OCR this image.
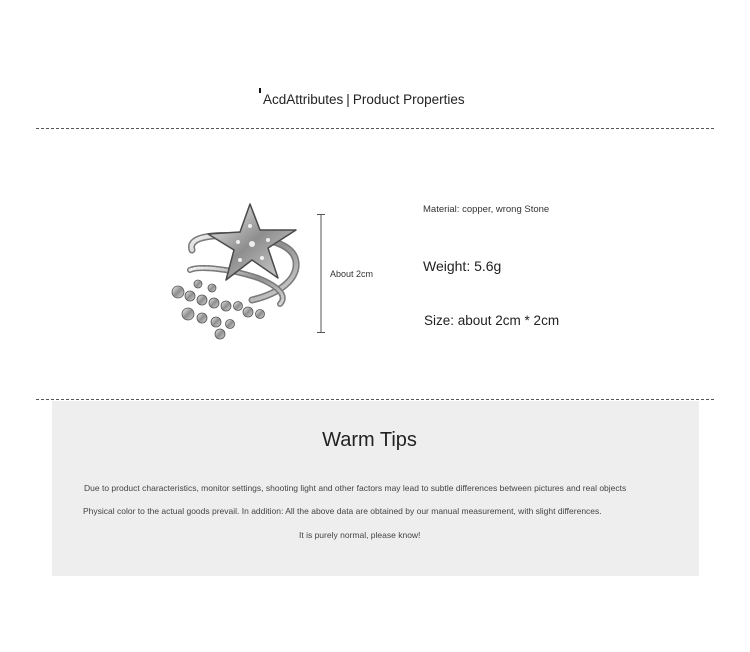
AcdAttributes | Product Properties
About 2cm
Material: copper, wrong Stone
Weight: 5.6g
Size: about 2cm * 2cm
Warm Tips
Due to product characteristics, monitor settings, shooting light and other factors may lead to subtle differences between pictures and real objects
Physical color to the actual goods prevail. In addition: All the above data are obtained by our manual measurement, with slight differences.
It is purely normal, please know!
